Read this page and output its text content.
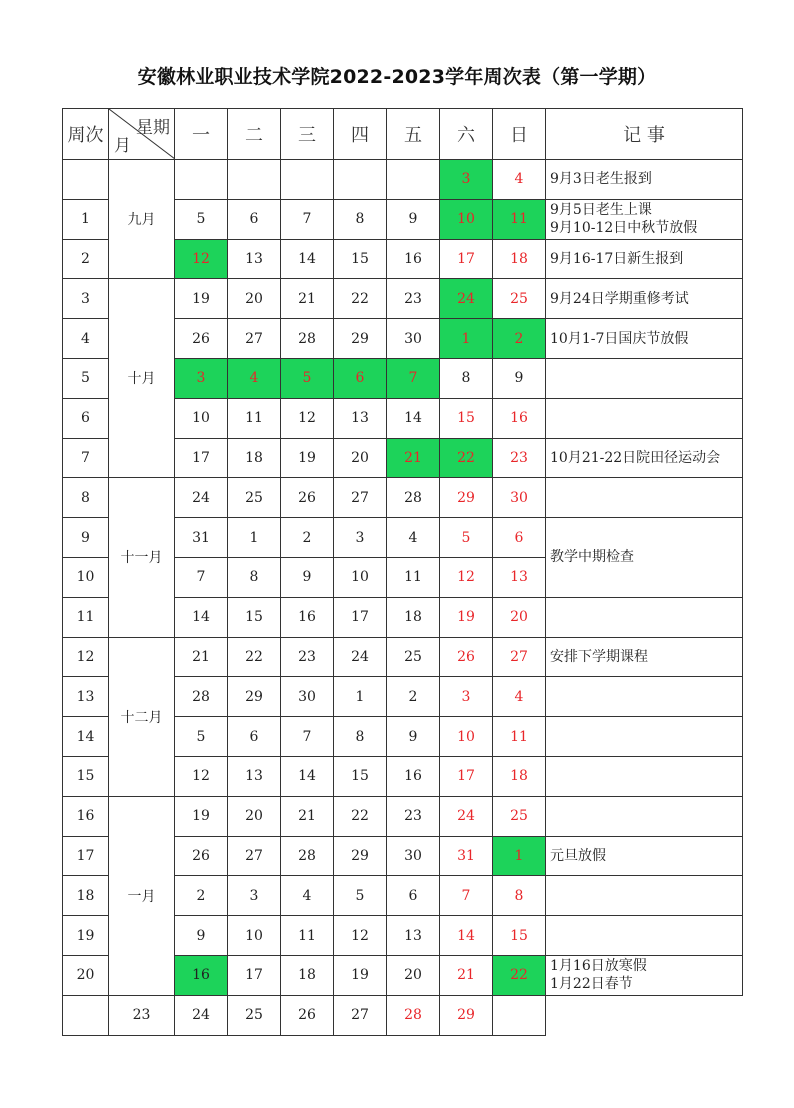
安徽林业职业技术学院2022-2023学年周次表（第一学期）
周次	星期
月	一	二	三	四	五	六	日	记 事
	九月						3	4	9月3日老生报到

1		5	6	7	8	9	10	11	9月5日老生上课
9月10-12日中秋节放假

2		12	13	14	15	16	17	18	9月16-17日新生报到

3	十月	19	20	21	22	23	24	25	9月24日学期重修考试

4		26	27	28	29	30	1	2	10月1-7日国庆节放假

5		3	4	5	6	7	8	9	
6		10	11	12	13	14	15	16	
7		17	18	19	20	21	22	23	10月21-22日院田径运动会

8	十一月	24	25	26	27	28	29	30	
9		31	1	2	3	4	5	6	教学中期检查

10		7	8	9	10	11	12	13	
11		14	15	16	17	18	19	20	
12	十二月	21	22	23	24	25	26	27	安排下学期课程

13		28	29	30	1	2	3	4	
14		5	6	7	8	9	10	11	
15		12	13	14	15	16	17	18	
16	一月	19	20	21	22	23	24	25	
17		26	27	28	29	30	31	1	元旦放假

18		2	3	4	5	6	7	8	
19		9	10	11	12	13	14	15	
20		16	17	18	19	20	21	22	1月16日放寒假
1月22日春节

	23	24	25	26	27	28	29		
